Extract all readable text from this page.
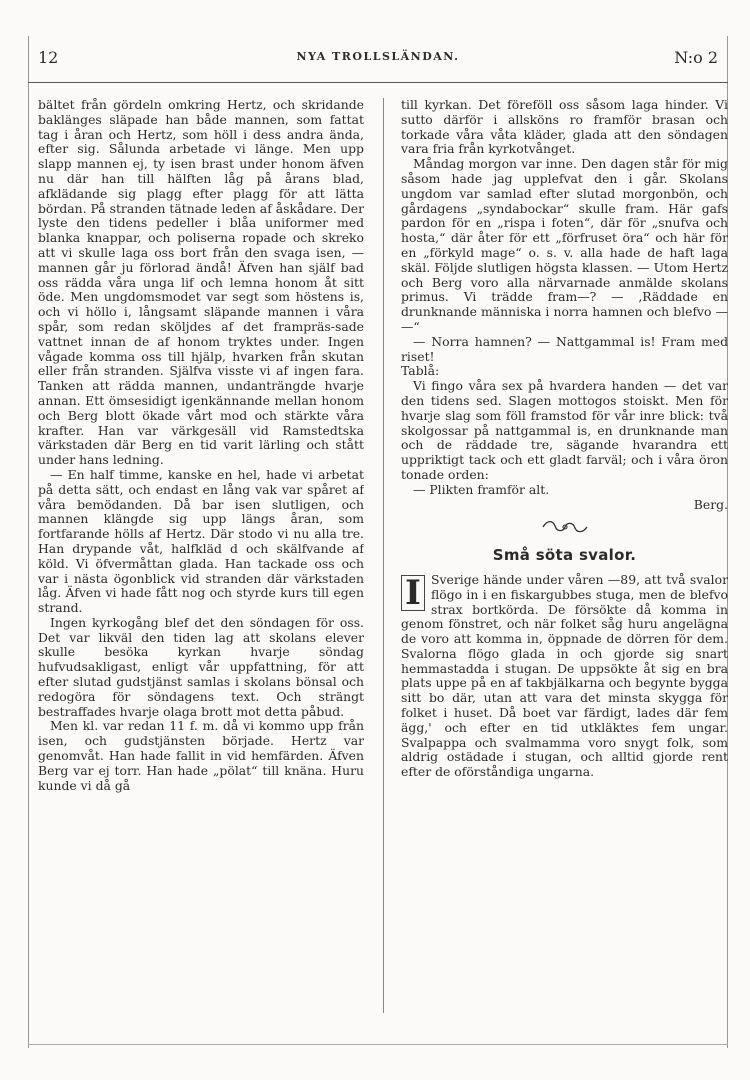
12	NYA TROLLSLÄNDAN.	N:o 2

bältet från gördeln omkring Hertz, och skridande baklänges släpade han både mannen, som fattat tag i åran och Hertz, som höll i dess andra ända, efter sig. Sålunda arbetade vi länge. Men upp slapp mannen ej, ty isen brast under honom äfven nu där han till hälften låg på årans blad, afklädande sig plagg efter plagg för att lätta bördan. På stranden tätnade leden af åskådare. Der lyste den tidens pedeller i blåa uniformer med blanka knappar, och poliserna ropade och skreko att vi skulle laga oss bort från den svaga isen, — mannen går ju förlorad ändå! Äfven han själf bad oss rädda våra unga lif och lemna honom åt sitt öde. Men ungdomsmodet var segt som höstens is, och vi höllo i, långsamt släpande mannen i våra spår, som redan sköljdes af det frampräs-sade vattnet innan de af honom tryktes under. Ingen vågade komma oss till hjälp, hvarken från skutan eller från stranden. Själfva visste vi af ingen fara. Tanken att rädda mannen, undanträngde hvarje annan. Ett ömsesidigt igenkännande mellan honom och Berg blott ökade vårt mod och stärkte våra krafter. Han var värkgesäll vid Ramstedtska värkstaden där Berg en tid varit lärling och stått under hans ledning.

— En half timme, kanske en hel, hade vi arbetat på detta sätt, och endast en lång vak var spåret af våra bemödanden. Då bar isen slutligen, och mannen klängde sig upp längs åran, som fortfarande hölls af Hertz. Där stodo vi nu alla tre. Han drypande våt, halfkläd d och skälfvande af köld. Vi öfvermåttan glada. Han tackade oss och var i nästa ögonblick vid stranden där värkstaden låg. Äfven vi hade fått nog och styrde kurs till egen strand.

Ingen kyrkogång blef det den söndagen för oss. Det var likväl den tiden lag att skolans elever skulle besöka kyrkan hvarje söndag hufvudsakligast, enligt vår uppfattning, för att efter slutad gudstjänst samlas i skolans bönsal och redogöra för söndagens text. Och strängt bestraffades hvarje olaga brott mot detta påbud.

Men kl. var redan 11 f. m. då vi kommo upp från isen, och gudstjänsten började. Hertz var genomvåt. Han hade fallit in vid hemfärden. Äfven Berg var ej torr. Han hade „pölat“ till knäna. Huru kunde vi då gå

till kyrkan. Det föreföll oss såsom laga hinder. Vi sutto därför i allsköns ro framför brasan och torkade våra våta kläder, glada att den söndagen vara fria från kyrkotvånget.

Måndag morgon var inne. Den dagen står för mig såsom hade jag upplefvat den i går. Skolans ungdom var samlad efter slutad morgonbön, och gårdagens „syndabockar“ skulle fram. Här gafs pardon för en „rispa i foten“, där för „snufva och hosta,“ där åter för ett „förfruset öra“ och här för en „förkyld mage“ o. s. v. alla hade de haft laga skäl. Följde slutligen högsta klassen. — Utom Hertz och Berg voro alla närvarnade anmälde skolans primus. Vi trädde fram—? — ,Räddade en drunknande människa i norra hamnen och blefvo — —“

— Norra hamnen? — Nattgammal is! Fram med riset!

Tablå:

Vi fingo våra sex på hvardera handen — det var den tidens sed. Slagen mottogos stoiskt. Men för hvarje slag som föll framstod för vår inre blick: två skolgossar på nattgammal is, en drunknande man och de räddade tre, sägande hvarandra ett uppriktigt tack och ett gladt farväl; och i våra öron tonade orden:

— Plikten framför alt.

Berg.

Små söta svalor.

I Sverige hände under våren —89, att två svalor flögo in i en fiskargubbes stuga, men de blefvo strax bortkörda. De försökte då komma in genom fönstret, och när folket såg huru angelägna de voro att komma in, öppnade de dörren för dem. Svalorna flögo glada in och gjorde sig snart hemmastadda i stugan. De uppsökte åt sig en bra plats uppe på en af takbjälkarna och begynte bygga sitt bo där, utan att vara det minsta skygga för folket i huset. Då boet var färdigt, lades där fem ägg,' och efter en tid utkläktes fem ungar. Svalpappa och svalmamma voro snygt folk, som aldrig ostädade i stugan, och alltid gjorde rent efter de oförståndiga ungarna.
